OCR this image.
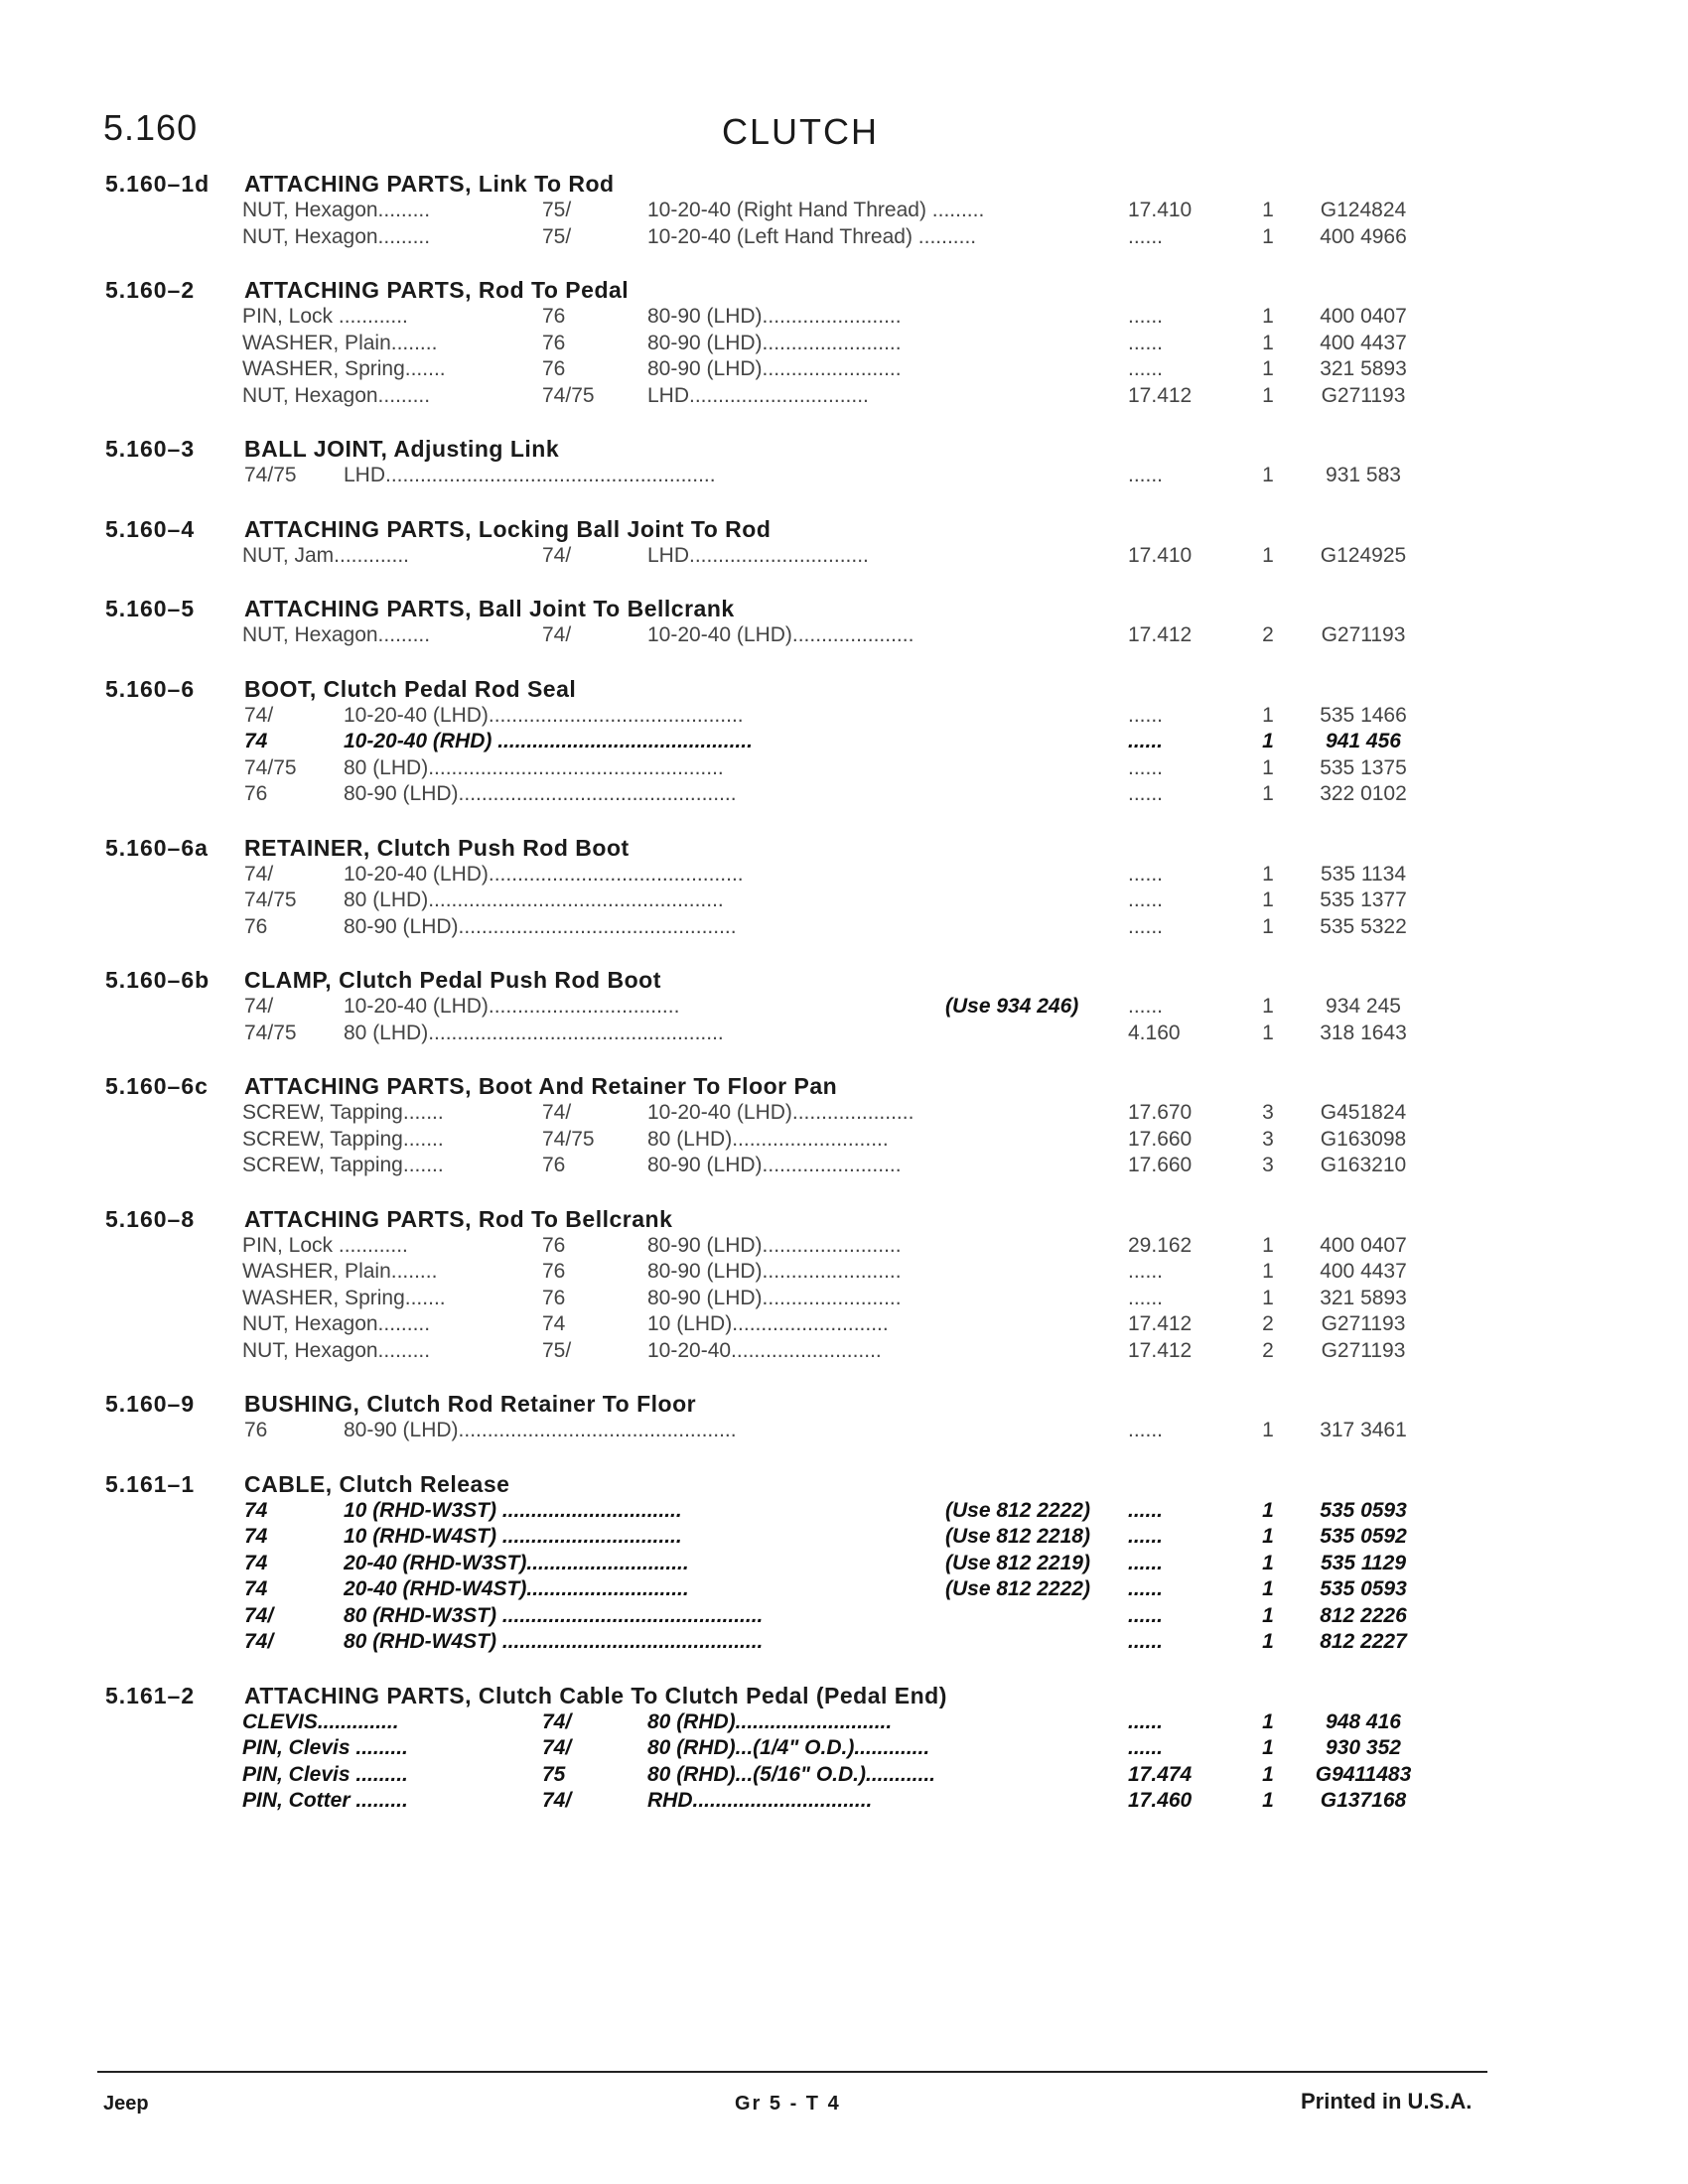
5.160	CLUTCH
5.160–1d ATTACHING PARTS, Link To Rod
NUT, Hexagon.........	75/	10-20-40 (Right Hand Thread) .........	17.410	1	G124824
NUT, Hexagon.........	75/	10-20-40 (Left Hand Thread) ..........	......	1	400 4966
5.160–2 ATTACHING PARTS, Rod To Pedal
PIN, Lock ............	76	80-90 (LHD)........................	......	1	400 0407
WASHER, Plain........	76	80-90 (LHD)........................	......	1	400 4437
WASHER, Spring.......	76	80-90 (LHD)........................	......	1	321 5893
NUT, Hexagon.........	74/75	LHD...............................	17.412	1	G271193
5.160–3 BALL JOINT, Adjusting Link
74/75 LHD.........................................................	......	1	931 583
5.160–4 ATTACHING PARTS, Locking Ball Joint To Rod
NUT, Jam.............	74/	LHD...............................	17.410	1	G124925
5.160–5 ATTACHING PARTS, Ball Joint To Bellcrank
NUT, Hexagon.........	74/	10-20-40 (LHD).....................	17.412	2	G271193
5.160–6 BOOT, Clutch Pedal Rod Seal
74/	10-20-40 (LHD)............................................	......	1	535 1466
74	10-20-40 (RHD) ............................................	......	1	941 456
74/75 80 (LHD)...................................................	......	1	535 1375
76	80-90 (LHD)................................................	......	1	322 0102
5.160–6a RETAINER, Clutch Push Rod Boot
74/	10-20-40 (LHD)............................................	......	1	535 1134
74/75 80 (LHD)...................................................	......	1	535 1377
76	80-90 (LHD)................................................	......	1	535 5322
5.160–6b CLAMP, Clutch Pedal Push Rod Boot
74/	10-20-40 (LHD).................................	(Use 934 246)	......	1	934 245
74/75 80 (LHD)...................................................	4.160	1	318 1643
5.160–6c ATTACHING PARTS, Boot And Retainer To Floor Pan
SCREW, Tapping.......	74/	10-20-40 (LHD).....................	17.670	3	G451824
SCREW, Tapping.......	74/75	80 (LHD)...........................	17.660	3	G163098
SCREW, Tapping.......	76	80-90 (LHD)........................	17.660	3	G163210
5.160–8 ATTACHING PARTS, Rod To Bellcrank
PIN, Lock ............	76	80-90 (LHD)........................	29.162	1	400 0407
WASHER, Plain........	76	80-90 (LHD)........................	......	1	400 4437
WASHER, Spring.......	76	80-90 (LHD)........................	......	1	321 5893
NUT, Hexagon.........	74	10 (LHD)...........................	17.412	2	G271193
NUT, Hexagon.........	75/	10-20-40..........................	17.412	2	G271193
5.160–9 BUSHING, Clutch Rod Retainer To Floor
76	80-90 (LHD)................................................	......	1	317 3461
5.161–1 CABLE, Clutch Release
74	10 (RHD-W3ST) ...............................	(Use 812 2222)	......	1	535 0593
74	10 (RHD-W4ST) ...............................	(Use 812 2218)	......	1	535 0592
74	20-40 (RHD-W3ST)............................	(Use 812 2219)	......	1	535 1129
74	20-40 (RHD-W4ST)............................	(Use 812 2222)	......	1	535 0593
74/	80 (RHD-W3ST) .............................................	......	1	812 2226
74/	80 (RHD-W4ST) .............................................	......	1	812 2227
5.161–2 ATTACHING PARTS, Clutch Cable To Clutch Pedal (Pedal End)
CLEVIS..............	74/	80 (RHD)...........................	......	1	948 416
PIN, Clevis .........	74/	80 (RHD)...(1/4" O.D.).............	......	1	930 352
PIN, Clevis .........	75	80 (RHD)...(5/16" O.D.)............	17.474	1	G9411483
PIN, Cotter .........	74/	RHD...............................	17.460	1	G137168
Jeep	Gr 5 - T 4	Printed in U.S.A.
